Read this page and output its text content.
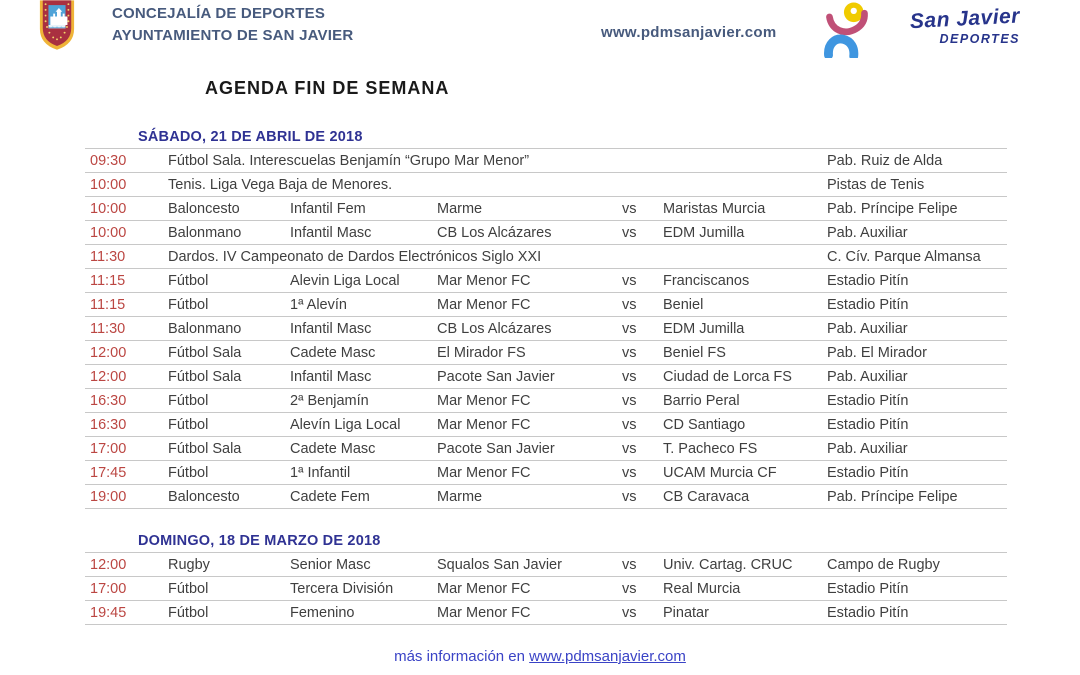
CONCEJALÍA DE DEPORTES
AYUNTAMIENTO DE SAN JAVIER	www.pdmsanjavier.com	San Javier
DEPORTES
AGENDA FIN DE SEMANA
SÁBADO, 21 DE ABRIL DE 2018
09:30	Fútbol Sala. Interescuelas Benjamín “Grupo Mar Menor”	Pab. Ruiz de Alda
10:00	Tenis. Liga Vega Baja de Menores.	Pistas de Tenis
10:00	Baloncesto	Infantil Fem	Marme	vs	Maristas Murcia	Pab. Príncipe Felipe
10:00	Balonmano	Infantil Masc	CB Los Alcázares	vs	EDM Jumilla	Pab. Auxiliar
11:30	Dardos. IV Campeonato de Dardos Electrónicos Siglo XXI	C. Cív. Parque Almansa
11:15	Fútbol	Alevin Liga Local	Mar Menor FC	vs	Franciscanos	Estadio Pitín
11:15	Fútbol	1ª Alevín	Mar Menor FC	vs	Beniel	Estadio Pitín
11:30	Balonmano	Infantil Masc	CB Los Alcázares	vs	EDM Jumilla	Pab. Auxiliar
12:00	Fútbol Sala	Cadete Masc	El Mirador FS	vs	Beniel FS	Pab. El Mirador
12:00	Fútbol Sala	Infantil Masc	Pacote San Javier	vs	Ciudad de Lorca FS	Pab. Auxiliar
16:30	Fútbol	2ª Benjamín	Mar Menor FC	vs	Barrio Peral	Estadio Pitín
16:30	Fútbol	Alevín Liga Local	Mar Menor FC	vs	CD Santiago	Estadio Pitín
17:00	Fútbol Sala	Cadete Masc	Pacote San Javier	vs	T. Pacheco FS	Pab. Auxiliar
17:45	Fútbol	1ª Infantil	Mar Menor FC	vs	UCAM Murcia CF	Estadio Pitín
19:00	Baloncesto	Cadete Fem	Marme	vs	CB Caravaca	Pab. Príncipe Felipe
DOMINGO, 18 DE MARZO DE 2018
12:00	Rugby	Senior Masc	Squalos San Javier	vs	Univ. Cartag. CRUC	Campo de Rugby
17:00	Fútbol	Tercera División	Mar Menor FC	vs	Real Murcia	Estadio Pitín
19:45	Fútbol	Femenino	Mar Menor FC	vs	Pinatar	Estadio Pitín
más información en www.pdmsanjavier.com
